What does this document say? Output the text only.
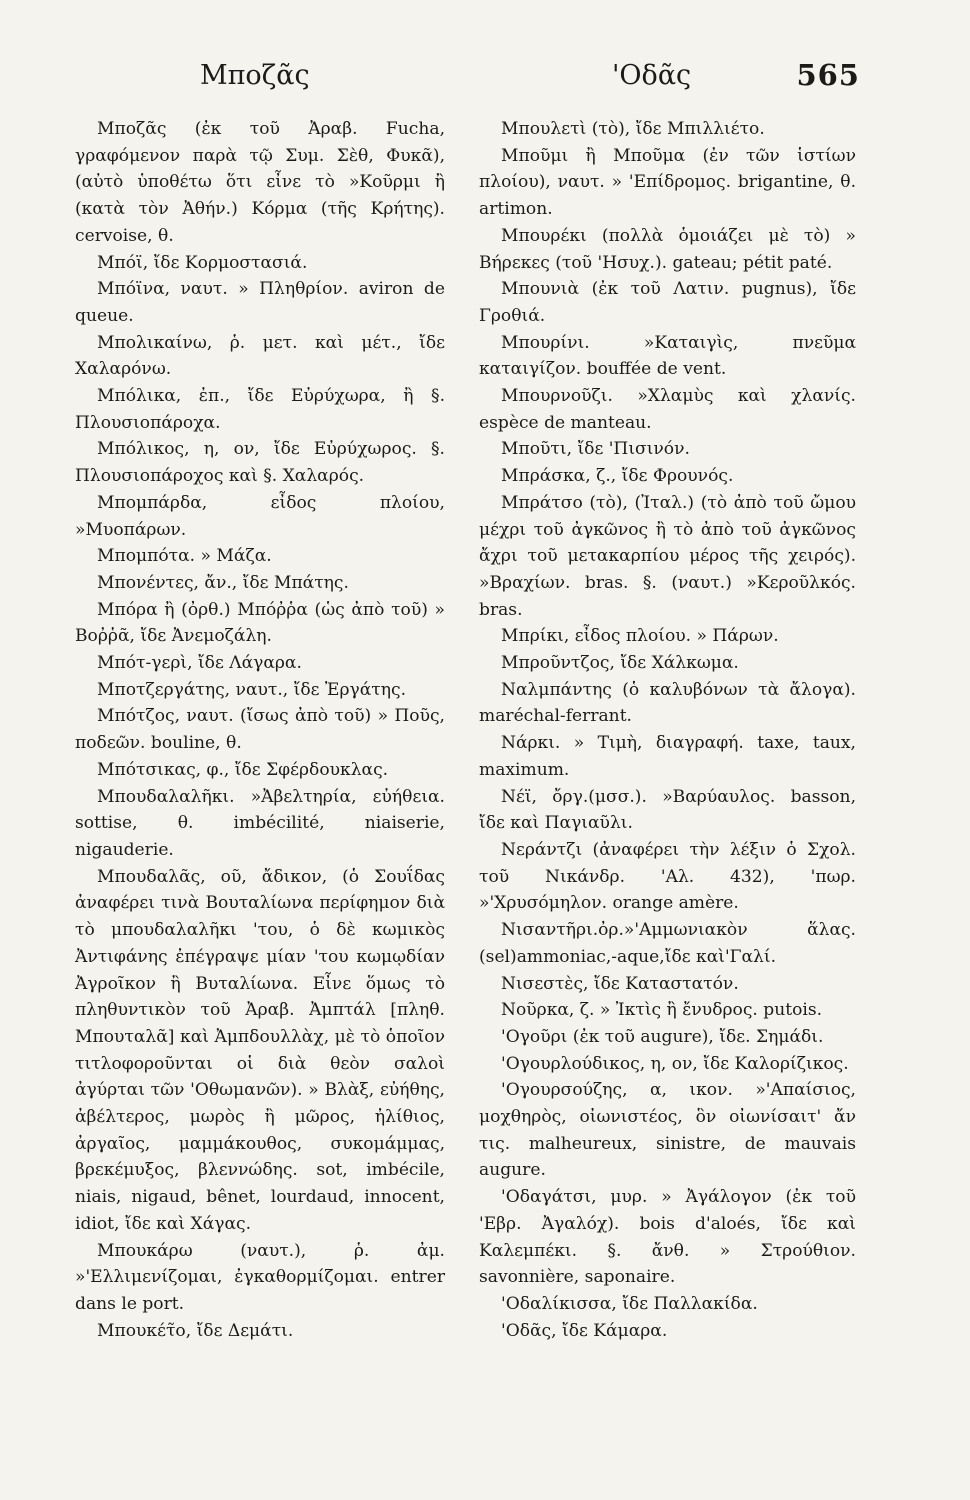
Μποζᾶς	'Οδᾶς	565

Μποζᾶς (ἐκ τοῦ Ἀραβ. Fucha, γραφόμενον παρὰ τῷ Συμ. Σὲθ, Φυκᾶ), (αὐτὸ ὑποθέτω ὅτι εἶνε τὸ »Κοῦρμι ἢ (κατὰ τὸν Ἀθήν.) Κόρμα (τῆς Κρήτης). cervoise, θ.

Μπόϊ, ἴδε Κορμοστασιά.

Μπόϊνα, ναυτ. » Πληθρίον. aviron de queue.

Μπολικαίνω, ῥ. μετ. καὶ μέτ., ἴδε Χαλαρόνω.

Μπόλικα, ἐπ., ἴδε Εὐρύχωρα, ἢ §. Πλουσιοπάροχα.

Μπόλικος, η, ον, ἴδε Εὐρύχωρος. §. Πλουσιοπάροχος καὶ §. Χαλαρός.

Μπομπάρδα, εἶδος πλοίου, »Μυοπάρων.

Μπομπότα. » Μάζα.

Μπονέντες, ἄν., ἴδε Μπάτης.

Μπόρα ἢ (ὀρθ.) Μπόῤῥα (ὡς ἀπὸ τοῦ) » Βοῤῥᾶ, ἴδε Ἀνεμοζάλη.

Μπότ-γερὶ, ἴδε Λάγαρα.

Μποτζεργάτης, ναυτ., ἴδε Ἐργάτης.

Μπότζος, ναυτ. (ἴσως ἀπὸ τοῦ) » Ποῦς, ποδεῶν. bouline, θ.

Μπότσικας, φ., ἴδε Σφέρδουκλας.

Μπουδαλαλῆκι. »Ἀβελτηρία, εὐήθεια. sottise, θ. imbécilité, niaiserie, nigauderie.

Μπουδαλᾶς, οῦ, ἄδικον, (ὁ Σουΐδας ἀναφέρει τινὰ Βουταλίωνα περίφημον διὰ τὸ μπουδαλαλῆκι 'του, ὁ δὲ κωμικὸς Ἀντιφάνης ἐπέγραψε μίαν 'του κωμῳδίαν Ἀγροῖκον ἢ Βυταλίωνα. Εἶνε ὅμως τὸ πληθυντικὸν τοῦ Ἀραβ. Ἀμπτάλ [πληθ. Μπουταλᾶ] καὶ Ἀμπδουλλὰχ, μὲ τὸ ὁποῖον τιτλοφοροῦνται οἱ διὰ θεὸν σαλοὶ ἀγύρται τῶν 'Οθωμανῶν). » Βλὰξ, εὐήθης, ἀβέλτερος, μωρὸς ἢ μῶρος, ἠλίθιος, ἀργαῖος, μαμμάκουθος, συκομάμμας, βρεκέμυξος, βλεννώδης. sot, imbécile, niais, nigaud, bênet, lourdaud, innocent, idiot, ἴδε καὶ Χάγας.

Μπουκάρω (ναυτ.), ῥ. ἀμ. »'Ελλιμενίζομαι, ἐγκαθορμίζομαι. entrer dans le port.

Μπουκέτ̃ο, ἴδε Δεμάτι.

Μπουλετὶ (τὸ), ἴδε Μπιλλιέτο.

Μποῦμι ἢ Μποῦμα (ἐν τῶν ἱστίων πλοίου), ναυτ. » 'Επίδρομος. brigantine, θ. artimon.

Μπουρέκι (πολλὰ ὁμοιάζει μὲ τὸ) » Βήρεκες (τοῦ 'Ησυχ.). gateau; pétit paté.

Μπουνιὰ (ἐκ τοῦ Λατιν. pugnus), ἴδε Γροθιά.

Μπουρίνι. »Καταιγὶς, πνεῦμα καταιγίζον. bouffée de vent.

Μπουρνοῦζι. »Χλαμὺς καὶ χλανίς. espèce de manteau.

Μποῦτι, ἴδε 'Πισινόν.

Μπράσκα, ζ., ἴδε Φρουνός.

Μπράτσο (τὸ), (Ἰταλ.) (τὸ ἀπὸ τοῦ ὤμου μέχρι τοῦ ἀγκῶνος ἢ τὸ ἀπὸ τοῦ ἀγκῶνος ἄχρι τοῦ μετακαρπίου μέρος τῆς χειρός). »Βραχίων. bras. §. (ναυτ.) »Κεροῦλκός. bras.

Μπρίκι, εἶδος πλοίου. » Πάρων.

Μπροῦντζος, ἴδε Χάλκωμα.

Ναλμπάντης (ὁ καλυβόνων τὰ ἄλογα). maréchal-ferrant.

Νάρκι. » Τιμὴ, διαγραφή. taxe, taux, maximum.

Νέϊ, ὄργ.(μσσ.). »Βαρύαυλος. basson, ἴδε καὶ Παγιαῦλι.

Νεράντζι (ἀναφέρει τὴν λέξιν ὁ Σχολ. τοῦ Νικάνδρ. 'Αλ. 432), 'πωρ. »'Χρυσόμηλον. orange amère.

Νισαντῆρι.ὀρ.»'Αμμωνιακὸν ἅλας. (sel)ammoniac,-aque,ἴδε καὶ'Γαλί.

Νισεστὲς, ἴδε Καταστατόν.

Νοῦρκα, ζ. » Ἰκτὶς ἢ ἔνυδρος. putois.

'Ογοῦρι (ἐκ τοῦ augure), ἴδε. Σημάδι.

'Ογουρλούδικος, η, ον, ἴδε Καλορίζικος.

'Ογουρσούζης, α, ικον. »'Απαίσιος, μοχθηρὸς, οἰωνιστέος, ὃν οἰωνίσαιτ' ἄν τις. malheureux, sinistre, de mauvais augure.

'Οδαγάτσι, μυρ. » Ἀγάλογον (ἐκ τοῦ 'Εβρ. Ἀγαλόχ). bois d'aloés, ἴδε καὶ Καλεμπέκι. §. ἄνθ. » Στρούθιον. savonnière, saponaire.

'Οδαλίκισσα, ἴδε Παλλακίδα.

'Οδᾶς, ἴδε Κάμαρα.
